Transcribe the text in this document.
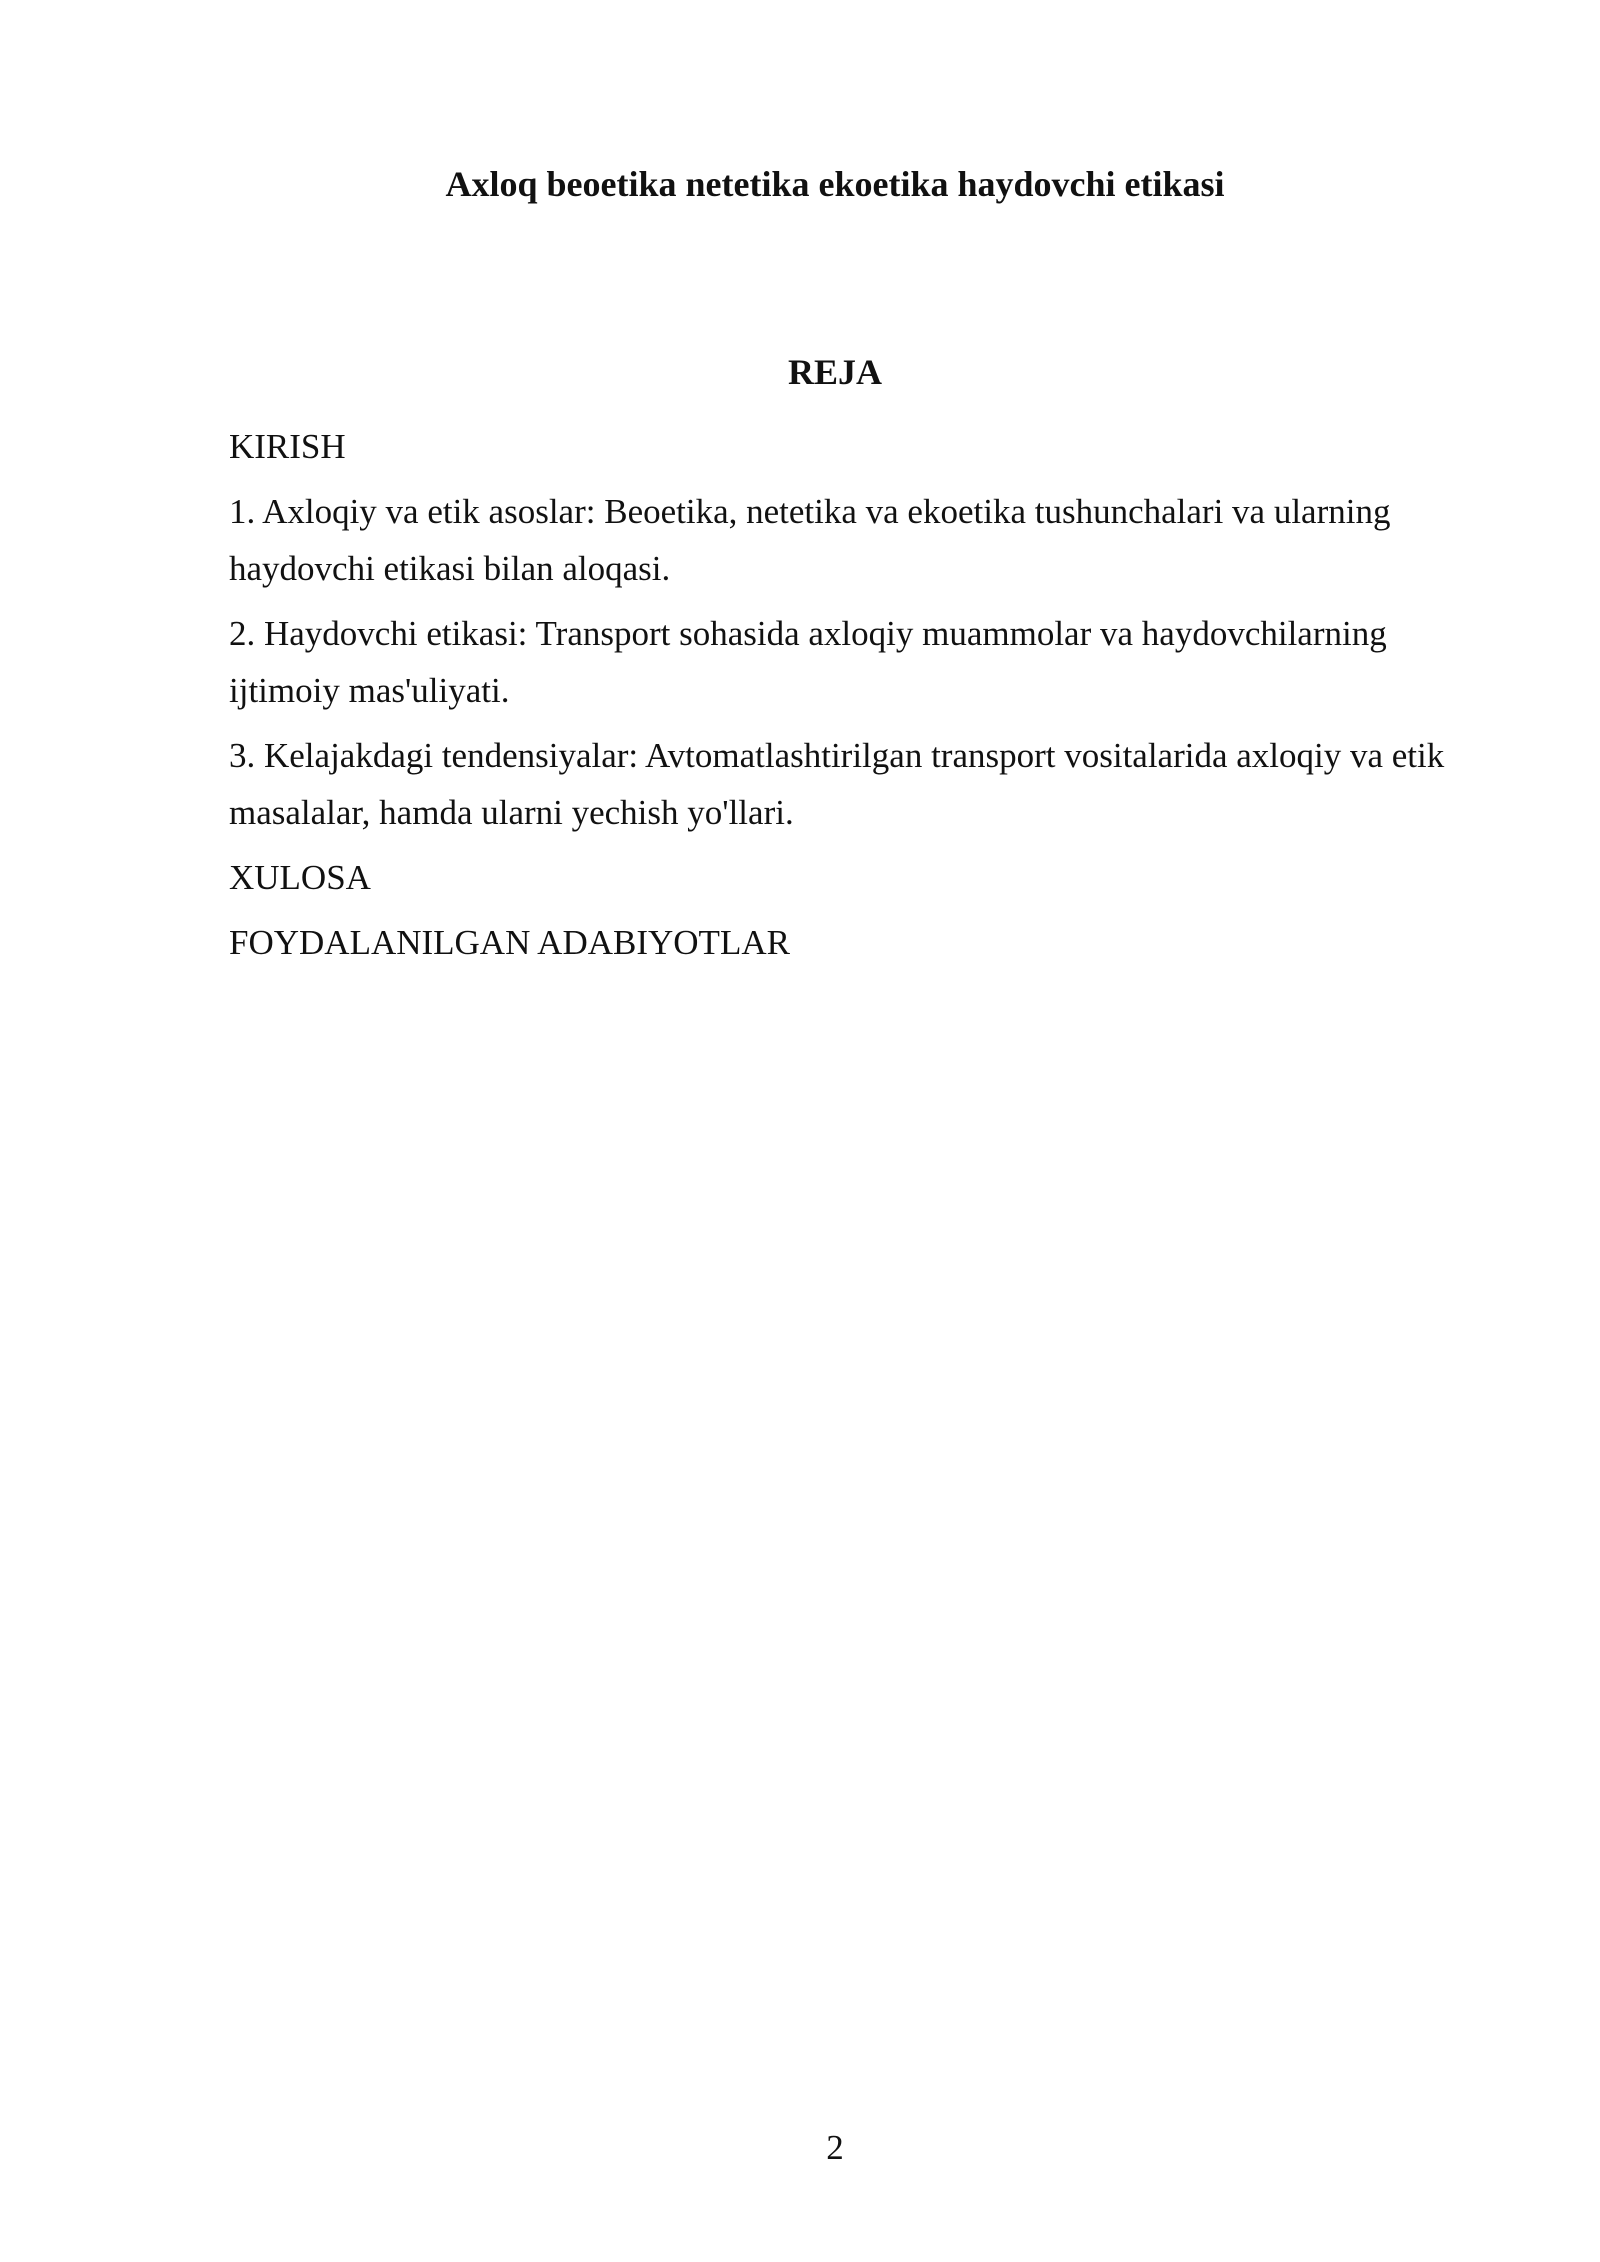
Axloq beoetika netetika ekoetika haydovchi etikasi
REJA

KIRISH

1. Axloqiy va etik asoslar: Beoetika, netetika va ekoetika tushunchalari va ularning haydovchi etikasi bilan aloqasi.

2. Haydovchi etikasi: Transport sohasida axloqiy muammolar va haydovchilarning ijtimoiy mas'uliyati.

3. Kelajakdagi tendensiyalar: Avtomatlashtirilgan transport vositalarida axloqiy va etik masalalar, hamda ularni yechish yo'llari.

XULOSA

FOYDALANILGAN ADABIYOTLAR

2
